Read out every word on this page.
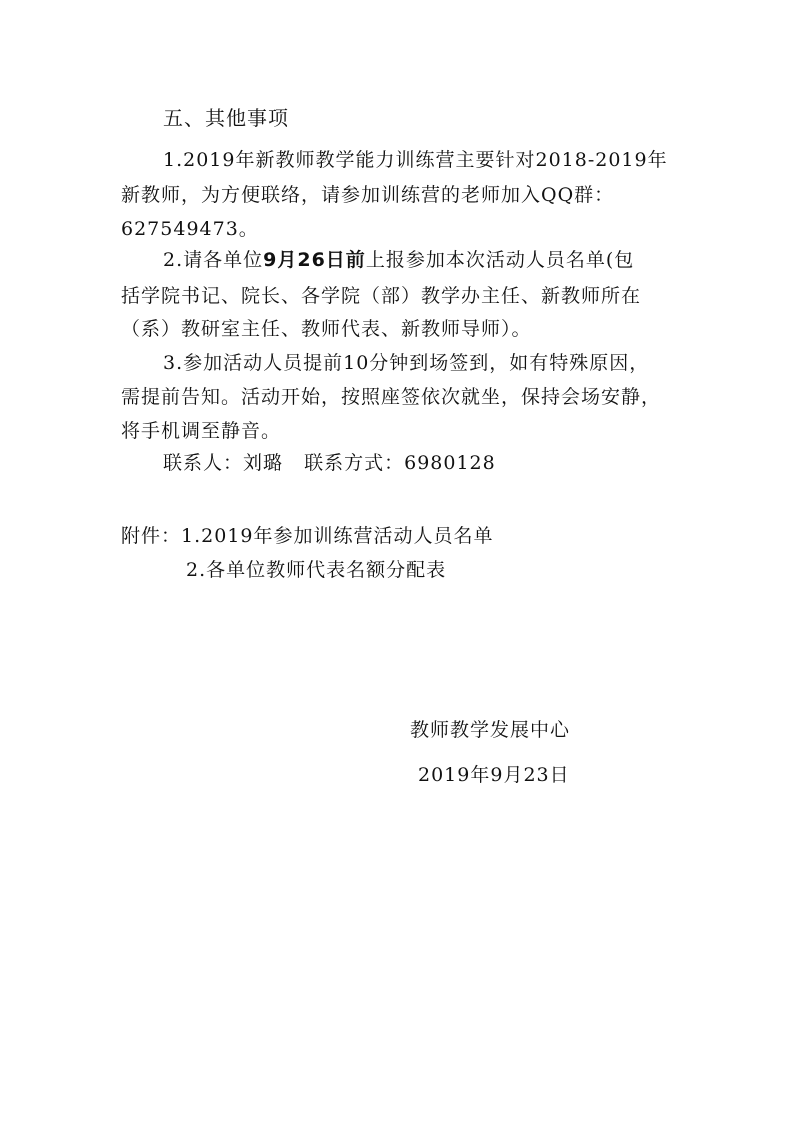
五、其他事项
1.2019年新教师教学能力训练营主要针对2018-2019年
新教师，为方便联络，请参加训练营的老师加入QQ群：
627549473。
2.请各单位9月26日前上报参加本次活动人员名单(包
括学院书记、院长、各学院（部）教学办主任、新教师所在
（系）教研室主任、教师代表、新教师导师）。
3.参加活动人员提前10分钟到场签到，如有特殊原因，
需提前告知。活动开始，按照座签依次就坐，保持会场安静，
将手机调至静音。
联系人：刘璐   联系方式：6980128
附件：1.2019年参加训练营活动人员名单
2.各单位教师代表名额分配表
教师教学发展中心
2019年9月23日
